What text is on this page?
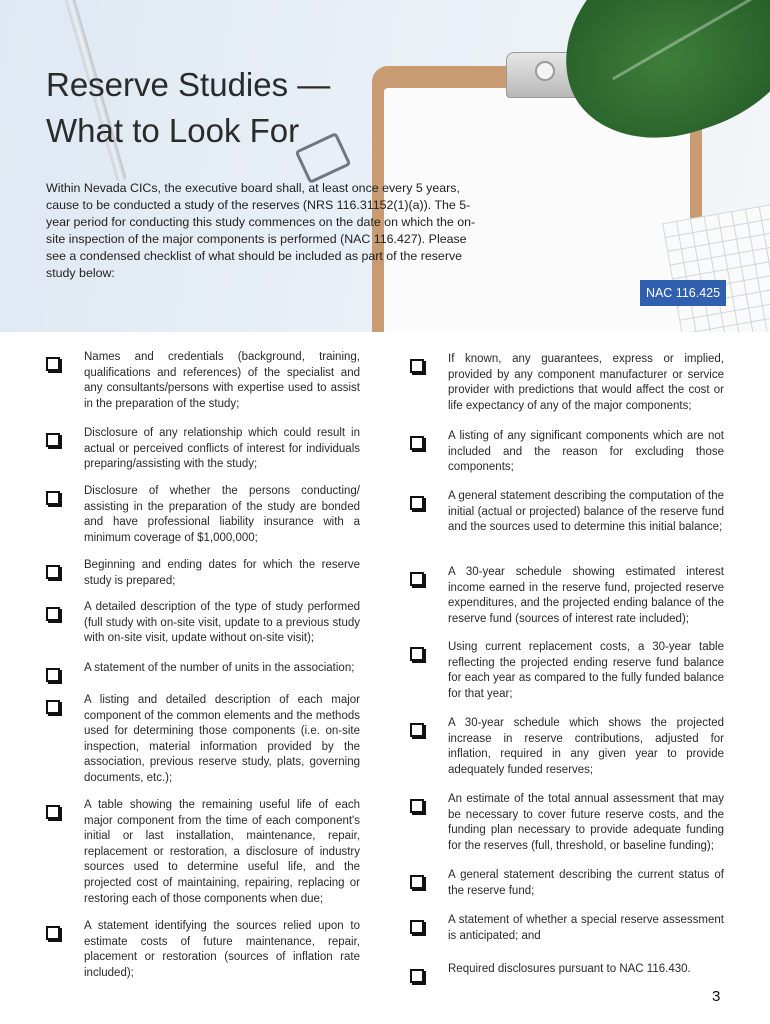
Reserve Studies —
What to Look For

Within Nevada CICs, the executive board shall, at least once every 5 years, cause to be conducted a study of the reserves (NRS 116.31152(1)(a)). The 5-year period for conducting this study commences on the date on which the on-site inspection of the major components is performed (NAC 116.427). Please see a condensed checklist of what should be included as part of the reserve study below:

NAC 116.425

Names and credentials (background, training, qualifications and references) of the specialist and any consultants/persons with expertise used to assist in the preparation of the study;

Disclosure of any relationship which could result in actual or perceived conflicts of interest for individuals preparing/assisting with the study;

Disclosure of whether the persons conducting/ assisting in the preparation of the study are bonded and have professional liability insurance with a minimum coverage of $1,000,000;

Beginning and ending dates for which the reserve study is prepared;

A detailed description of the type of study performed (full study with on-site visit, update to a previous study with on-site visit, update without on-site visit);

A statement of the number of units in the association;

A listing and detailed description of each major component of the common elements and the methods used for determining those components (i.e. on-site inspection, material information provided by the association, previous reserve study, plats, governing documents, etc.);

A table showing the remaining useful life of each major component from the time of each component's initial or last installation, maintenance, repair, replacement or restoration, a disclosure of industry sources used to determine useful life, and the projected cost of maintaining, repairing, replacing or restoring each of those components when due;

A statement identifying the sources relied upon to estimate costs of future maintenance, repair, placement or restoration (sources of inflation rate included);

If known, any guarantees, express or implied, provided by any component manufacturer or service provider with predictions that would affect the cost or life expectancy of any of the major components;

A listing of any significant components which are not included and the reason for excluding those components;

A general statement describing the computation of the initial (actual or projected) balance of the reserve fund and the sources used to determine this initial balance;

A 30-year schedule showing estimated interest income earned in the reserve fund, projected reserve expenditures, and the projected ending balance of the reserve fund (sources of interest rate included);

Using current replacement costs, a 30-year table reflecting the projected ending reserve fund balance for each year as compared to the fully funded balance for that year;

A 30-year schedule which shows the projected increase in reserve contributions, adjusted for inflation, required in any given year to provide adequately funded reserves;

An estimate of the total annual assessment that may be necessary to cover future reserve costs, and the funding plan necessary to provide adequate funding for the reserves (full, threshold, or baseline funding);

A general statement describing the current status of the reserve fund;

A statement of whether a special reserve assessment is anticipated; and

Required disclosures pursuant to NAC 116.430.

3
